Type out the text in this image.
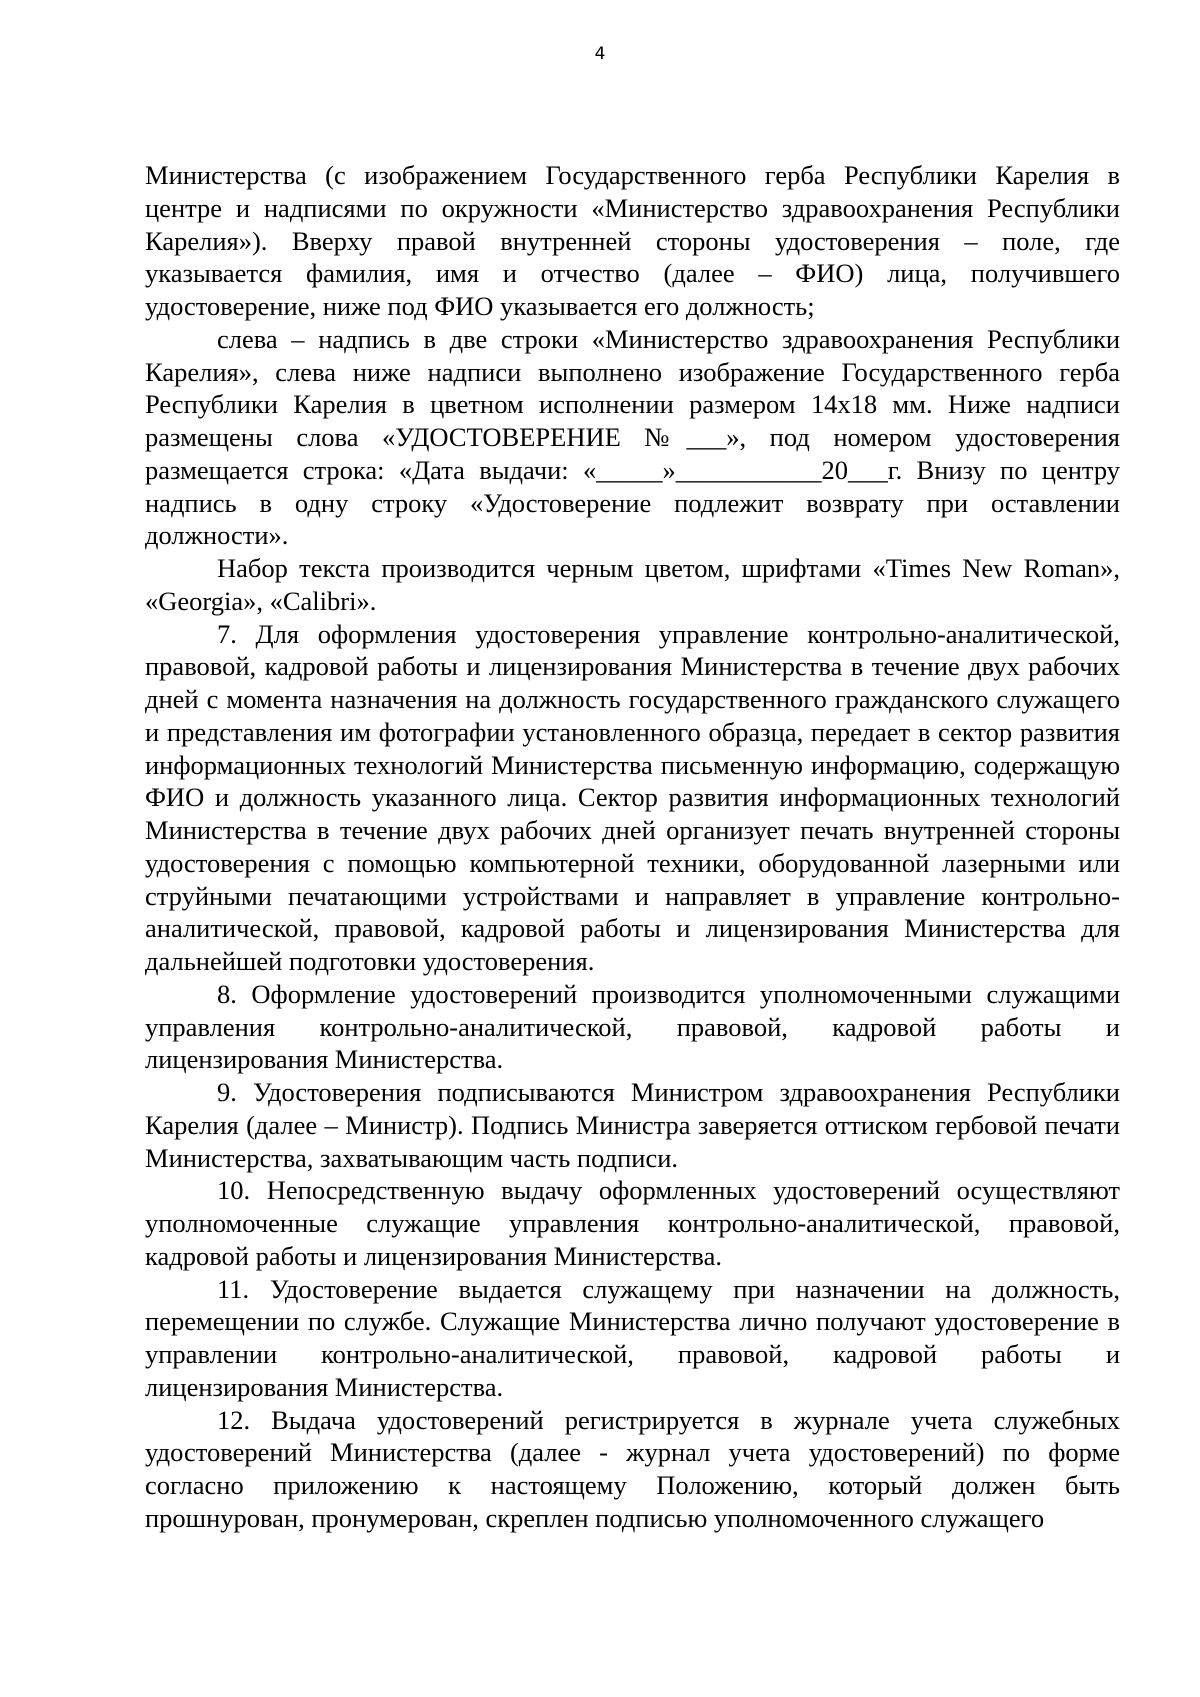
4

Министерства (с изображением Государственного герба Республики Карелия в центре и надписями по окружности «Министерство здравоохранения Республики Карелия»). Вверху правой внутренней стороны удостоверения – поле, где указывается фамилия, имя и отчество (далее – ФИО) лица, получившего удостоверение, ниже под ФИО указывается его должность;

слева – надпись в две строки «Министерство здравоохранения Республики Карелия», слева ниже надписи выполнено изображение Государственного герба Республики Карелия в цветном исполнении размером 14х18 мм. Ниже надписи размещены слова «УДОСТОВЕРЕНИЕ №___», под номером удостоверения размещается строка: «Дата выдачи: «_____»___________20___г. Внизу по центру надпись в одну строку «Удостоверение подлежит возврату при оставлении должности».

Набор текста производится черным цветом, шрифтами «Times New Roman», «Georgia», «Calibri».

7. Для оформления удостоверения управление контрольно-аналитической, правовой, кадровой работы и лицензирования Министерства в течение двух рабочих дней с момента назначения на должность государственного гражданского служащего и представления им фотографии установленного образца, передает в сектор развития информационных технологий Министерства письменную информацию, содержащую ФИО и должность указанного лица. Сектор развития информационных технологий Министерства в течение двух рабочих дней организует печать внутренней стороны удостоверения с помощью компьютерной техники, оборудованной лазерными или струйными печатающими устройствами и направляет в управление контрольно-аналитической, правовой, кадровой работы и лицензирования Министерства для дальнейшей подготовки удостоверения.

8. Оформление удостоверений производится уполномоченными служащими управления контрольно-аналитической, правовой, кадровой работы и лицензирования Министерства.

9. Удостоверения подписываются Министром здравоохранения Республики Карелия (далее – Министр). Подпись Министра заверяется оттиском гербовой печати Министерства, захватывающим часть подписи.

10. Непосредственную выдачу оформленных удостоверений осуществляют уполномоченные служащие управления контрольно-аналитической, правовой, кадровой работы и лицензирования Министерства.

11. Удостоверение выдается служащему при назначении на должность, перемещении по службе. Служащие Министерства лично получают удостоверение в управлении контрольно-аналитической, правовой, кадровой работы и лицензирования Министерства.

12. Выдача удостоверений регистрируется в журнале учета служебных удостоверений Министерства (далее - журнал учета удостоверений) по форме согласно приложению к настоящему Положению, который должен быть прошнурован, пронумерован, скреплен подписью уполномоченного служащего
